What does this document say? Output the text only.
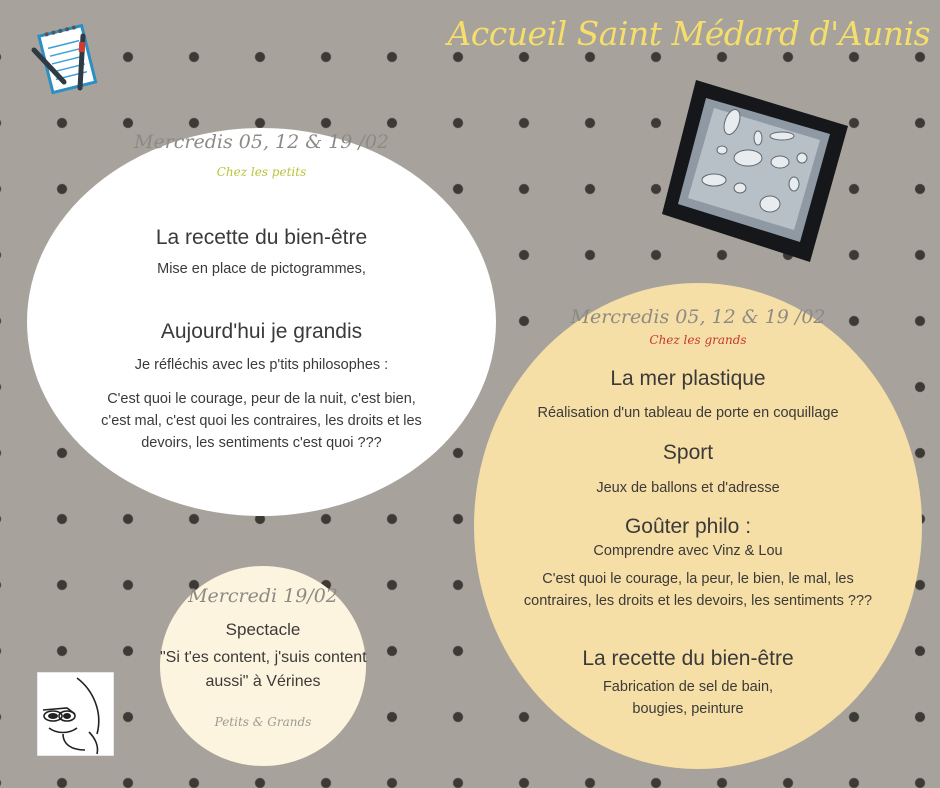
Accueil Saint Médard d'Aunis
Mercredis 05, 12 & 19 /02
Chez les petits
La recette du bien-être
Mise en place de pictogrammes,
Aujourd'hui je grandis
Je réfléchis avec les p'tits philosophes :
C'est quoi le courage, peur de la nuit, c'est bien,
c'est mal, c'est quoi les contraires, les droits et les
devoirs, les sentiments c'est quoi ???
Mercredis 05, 12 & 19 /02
Chez les grands
La mer plastique
Réalisation d'un tableau de porte en coquillage
Sport
Jeux de ballons et d'adresse
Goûter philo :
Comprendre avec Vinz & Lou
C'est quoi le courage, la peur, le bien, le mal, les
contraires, les droits et les devoirs, les sentiments ???
La recette du bien-être
Fabrication de sel de bain,
bougies, peinture
Mercredi 19/02
Spectacle
"Si t'es content, j'suis content
aussi" à Vérines
Petits & Grands
